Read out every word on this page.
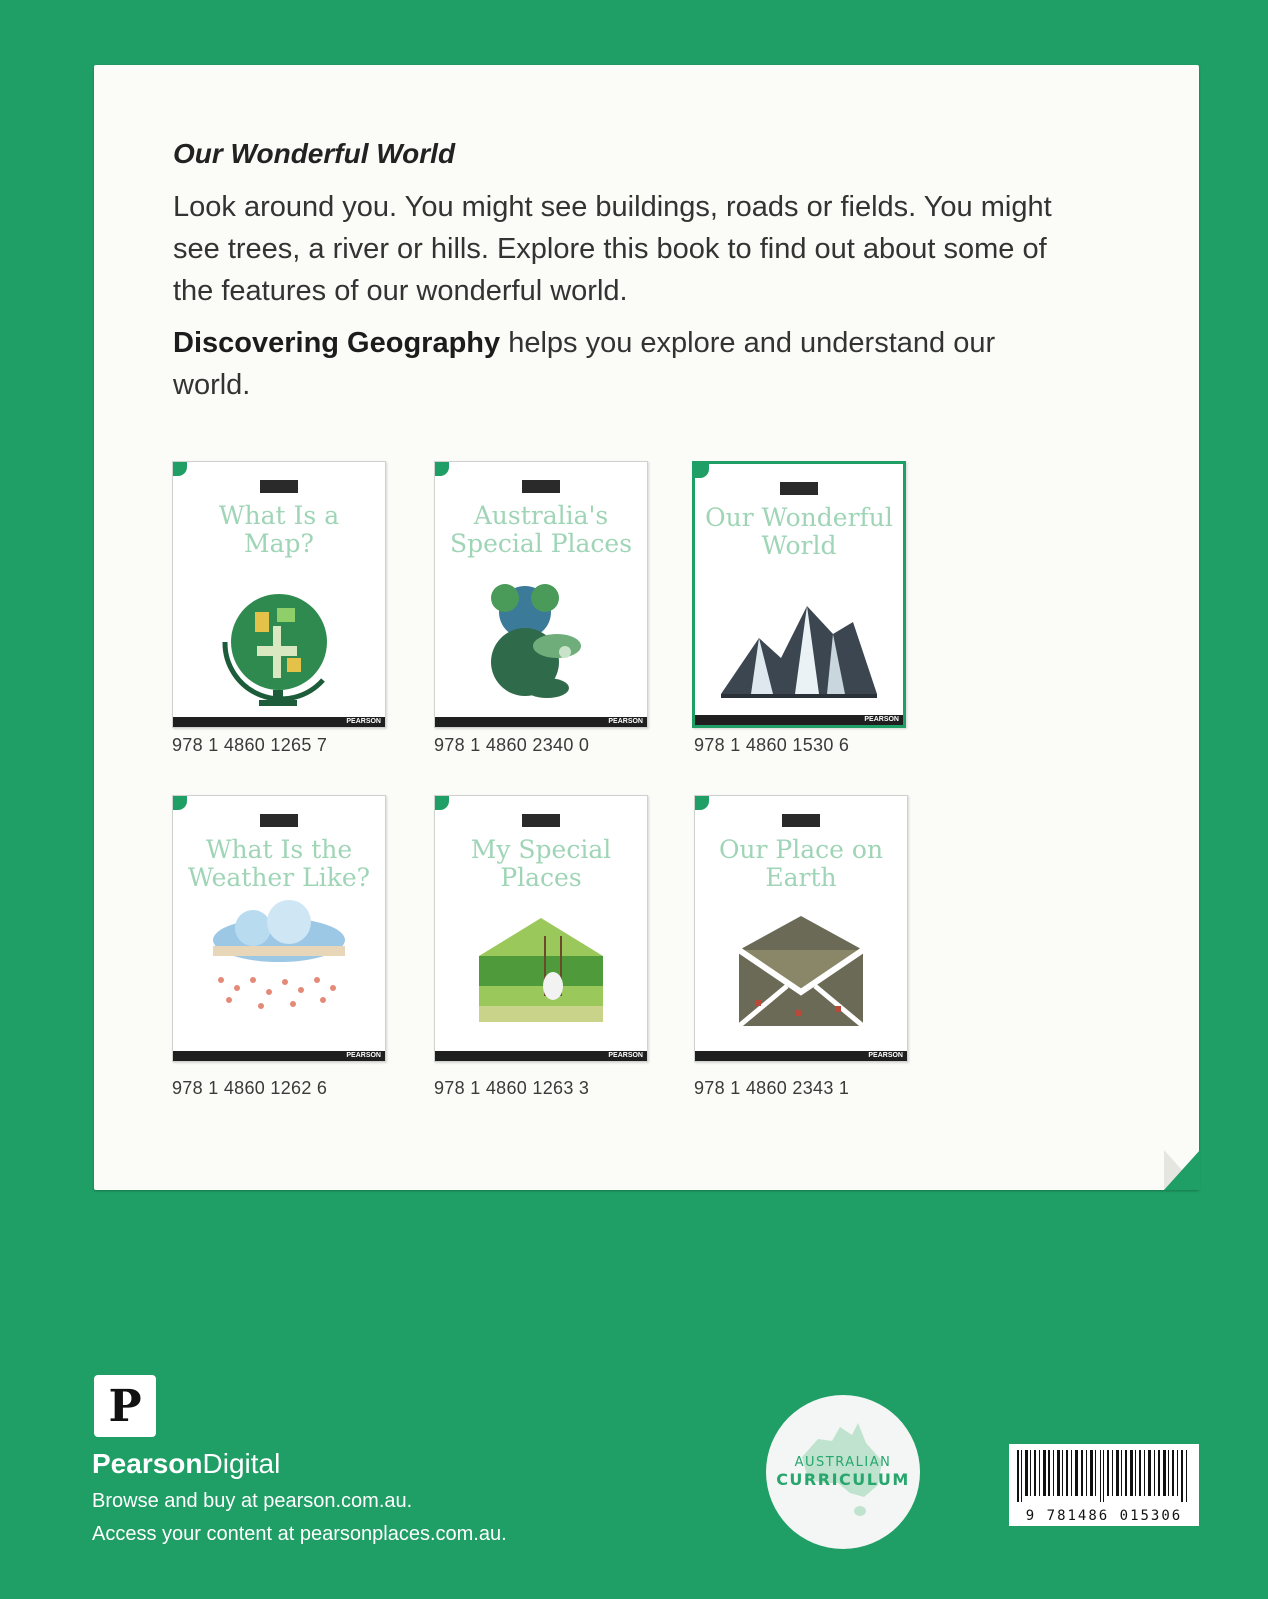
Our Wonderful World

Look around you. You might see buildings, roads or fields. You might see trees, a river or hills. Explore this book to find out about some of the features of our wonderful world.

Discovering Geography helps you explore and understand our world.

What Is a Map?
PEARSON
978 1 4860 1265 7
Australia's Special Places
PEARSON
978 1 4860 2340 0
Our Wonderful World
PEARSON
978 1 4860 1530 6
What Is the Weather Like?
PEARSON
978 1 4860 1262 6
My Special Places
PEARSON
978 1 4860 1263 3
Our Place on Earth
PEARSON
978 1 4860 2343 1
P
PearsonDigital
Browse and buy at pearson.com.au.
Access your content at pearsonplaces.com.au.
AUSTRALIAN
CURRICULUM
9 781486 015306
